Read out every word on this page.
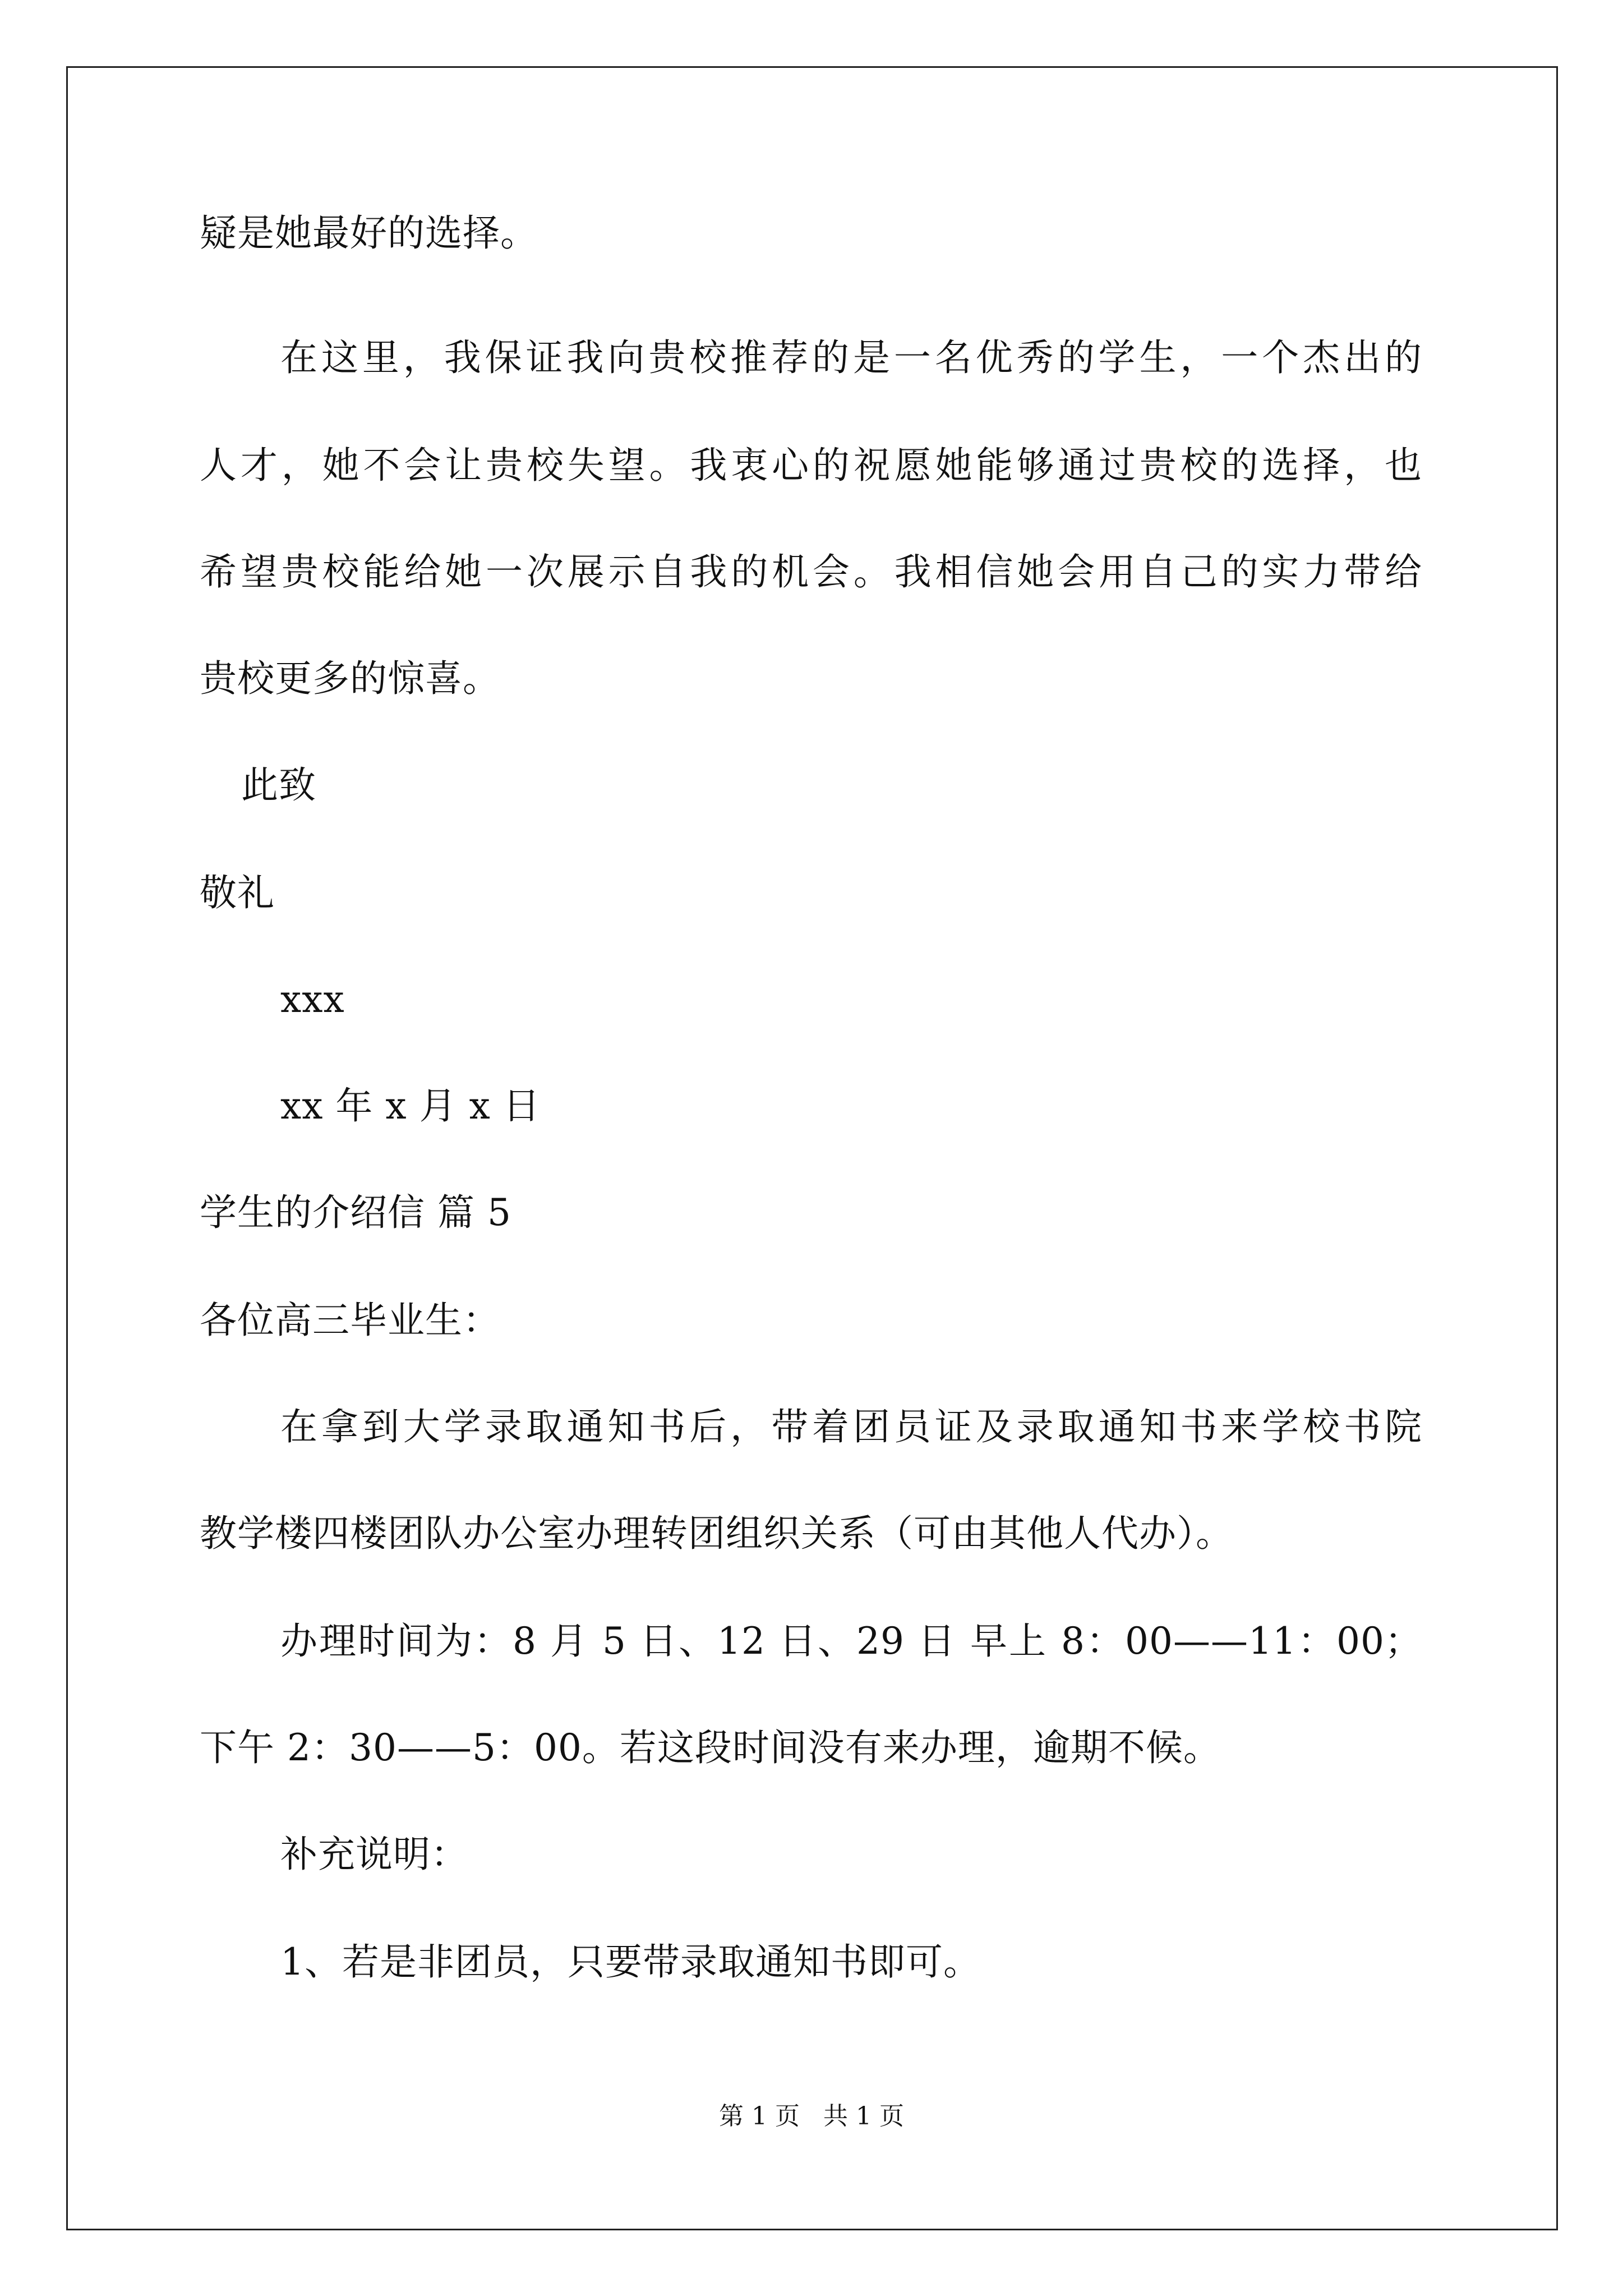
疑是她最好的选择。
在这里，我保证我向贵校推荐的是一名优秀的学生，一个杰出的
人才，她不会让贵校失望。我衷心的祝愿她能够通过贵校的选择，也
希望贵校能给她一次展示自我的机会。我相信她会用自己的实力带给
贵校更多的惊喜。
此致
敬礼
xxx
xx 年 x 月 x 日
学生的介绍信 篇 5
各位高三毕业生：
在拿到大学录取通知书后，带着团员证及录取通知书来学校书院
教学楼四楼团队办公室办理转团组织关系（可由其他人代办）。
办理时间为：8 月 5 日、12 日、29 日 早上 8：00——11：00；
下午 2：30——5：00。若这段时间没有来办理，逾期不候。
补充说明：
1、若是非团员，只要带录取通知书即可。
第 1 页   共 1 页
